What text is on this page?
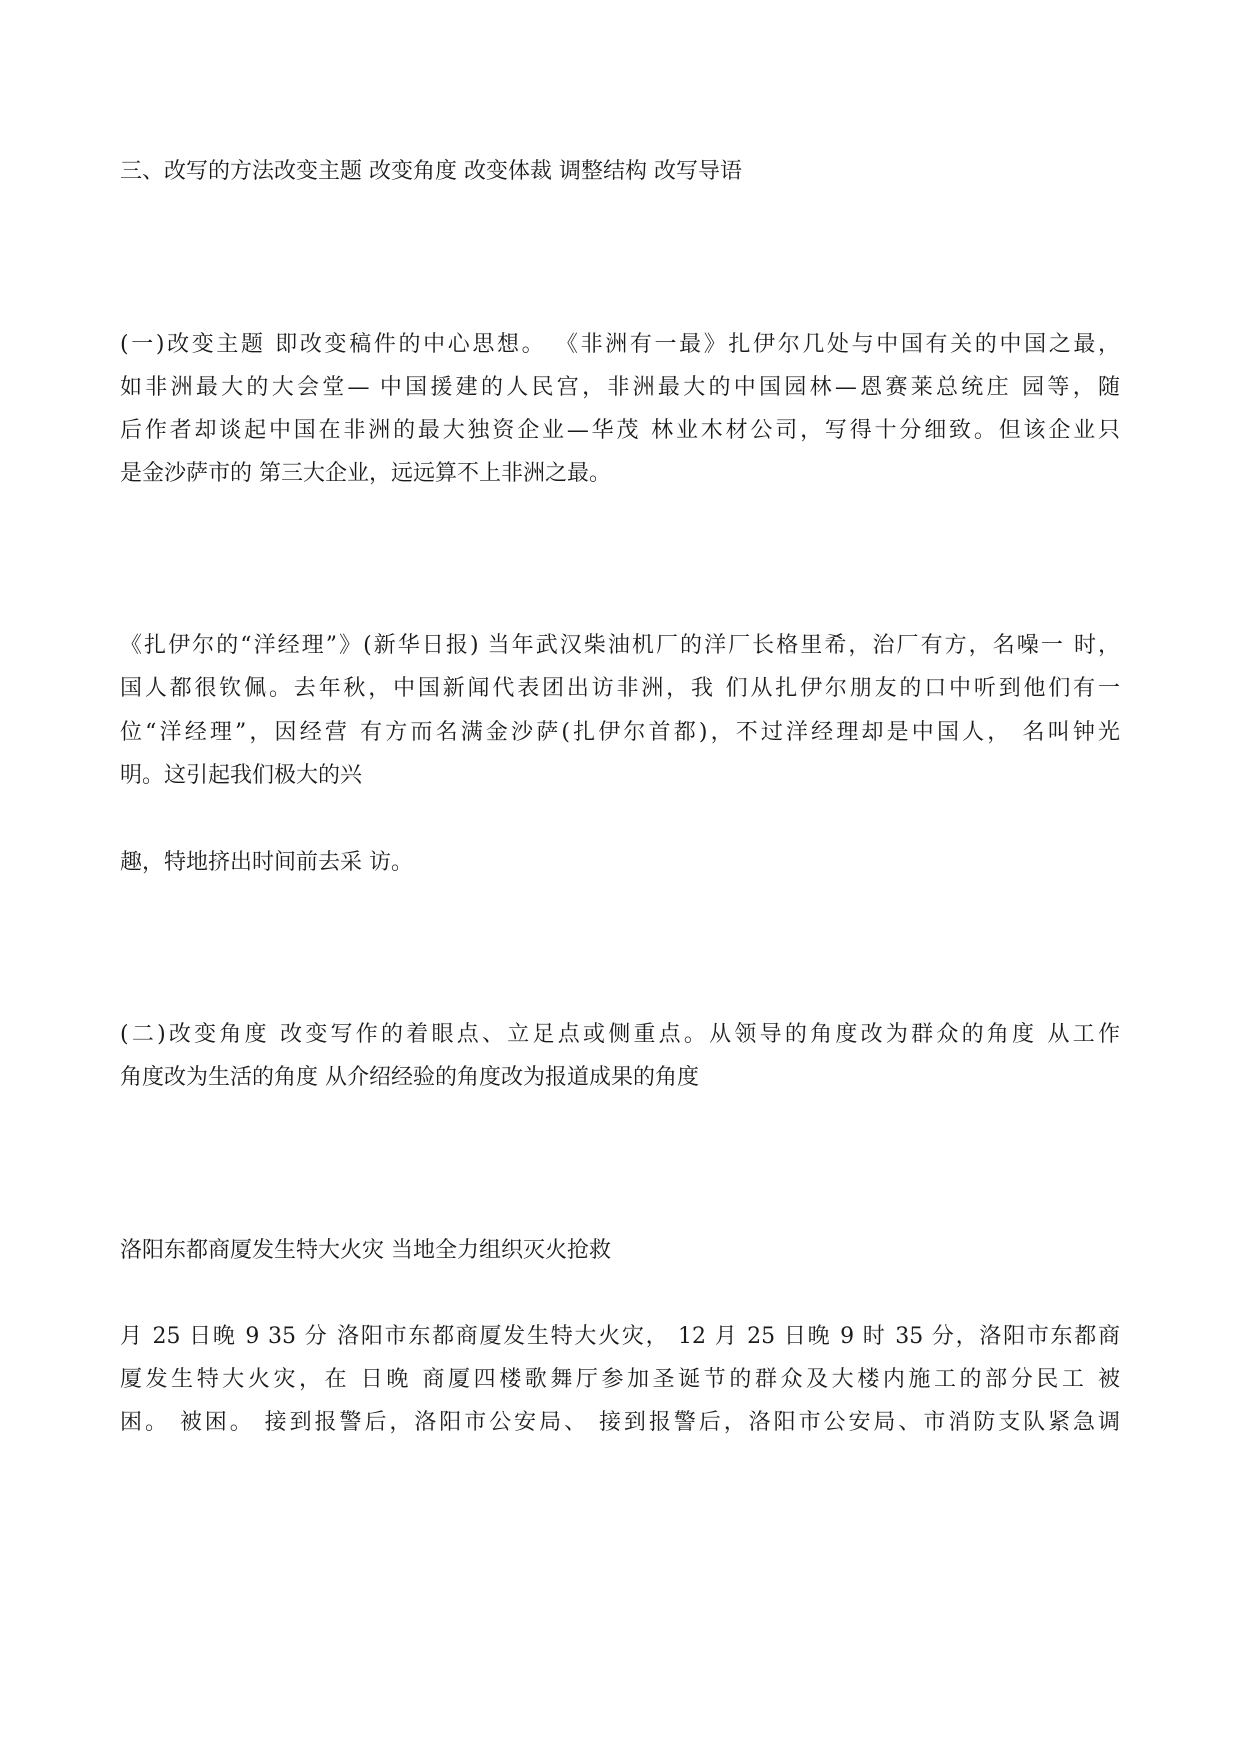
三、改写的方法改变主题 改变角度 改变体裁 调整结构 改写导语
(一)改变主题 即改变稿件的中心思想。 《非洲有一最》扎伊尔几处与中国有关的中国之最，
如非洲最大的大会堂— 中国援建的人民宫，非洲最大的中国园林—恩赛莱总统庄 园等，随
后作者却谈起中国在非洲的最大独资企业—华茂 林业木材公司，写得十分细致。但该企业只
是金沙萨市的 第三大企业，远远算不上非洲之最。
《扎伊尔的“洋经理”》(新华日报) 当年武汉柴油机厂的洋厂长格里希，治厂有方，名噪一 时，
国人都很钦佩。去年秋，中国新闻代表团出访非洲，我 们从扎伊尔朋友的口中听到他们有一
位“洋经理”，因经营 有方而名满金沙萨(扎伊尔首都)，不过洋经理却是中国人， 名叫钟光
明。这引起我们极大的兴
趣，特地挤出时间前去采 访。
(二)改变角度 改变写作的着眼点、立足点或侧重点。从领导的角度改为群众的角度 从工作
角度改为生活的角度 从介绍经验的角度改为报道成果的角度
洛阳东都商厦发生特大火灾 当地全力组织灭火抢救
月 25 日晚 9 35 分 洛阳市东都商厦发生特大火灾， 12 月 25 日晚 9 时 35 分，洛阳市东都商
厦发生特大火灾，在 日晚 商厦四楼歌舞厅参加圣诞节的群众及大楼内施工的部分民工 被
困。 被困。 接到报警后，洛阳市公安局、 接到报警后，洛阳市公安局、市消防支队紧急调
